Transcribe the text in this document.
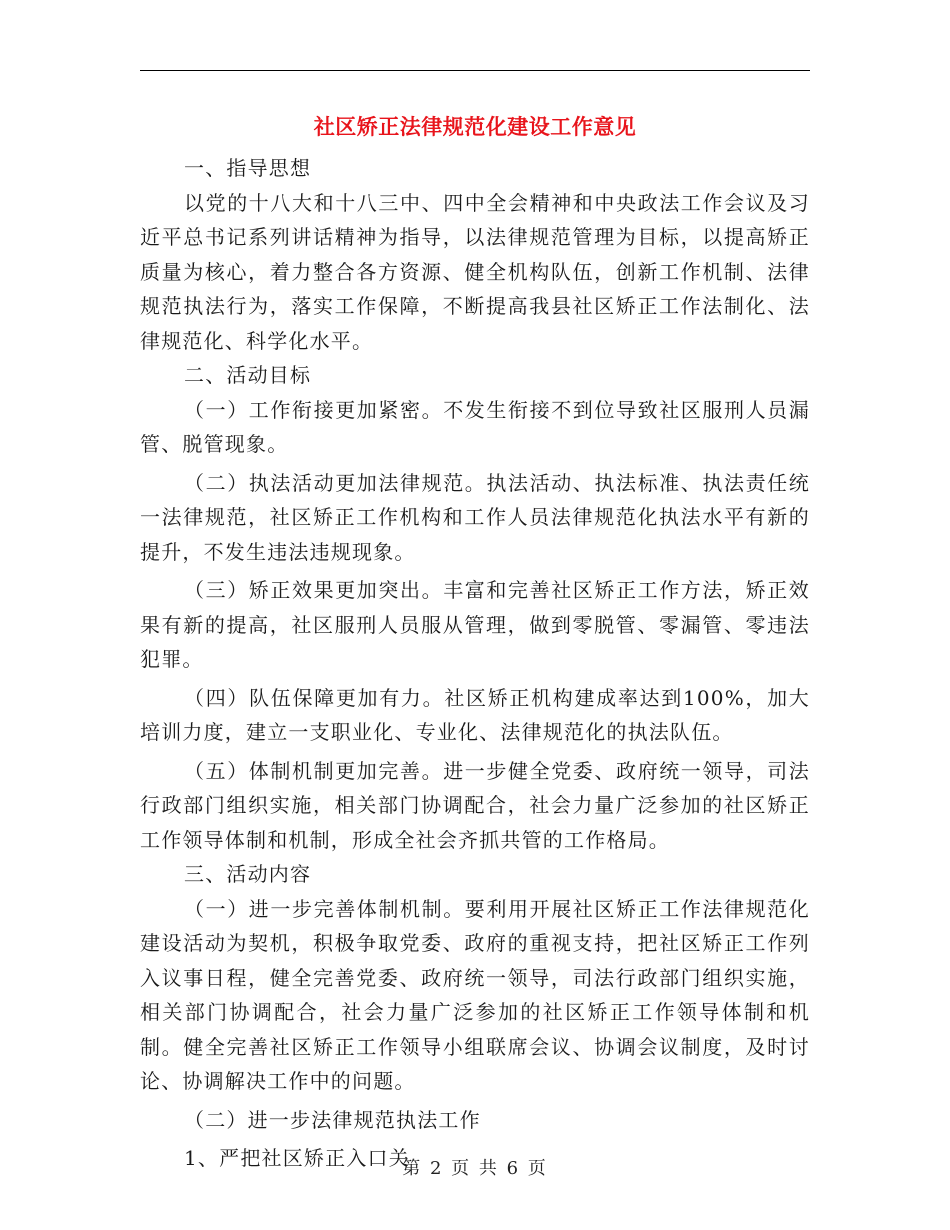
社区矫正法律规范化建设工作意见

一、指导思想

以党的十八大和十八三中、四中全会精神和中央政法工作会议及习近平总书记系列讲话精神为指导，以法律规范管理为目标，以提高矫正质量为核心，着力整合各方资源、健全机构队伍，创新工作机制、法律规范执法行为，落实工作保障，不断提高我县社区矫正工作法制化、法律规范化、科学化水平。

二、活动目标

（一）工作衔接更加紧密。不发生衔接不到位导致社区服刑人员漏管、脱管现象。

（二）执法活动更加法律规范。执法活动、执法标准、执法责任统一法律规范，社区矫正工作机构和工作人员法律规范化执法水平有新的提升，不发生违法违规现象。

（三）矫正效果更加突出。丰富和完善社区矫正工作方法，矫正效果有新的提高，社区服刑人员服从管理，做到零脱管、零漏管、零违法犯罪。

（四）队伍保障更加有力。社区矫正机构建成率达到100%，加大培训力度，建立一支职业化、专业化、法律规范化的执法队伍。

（五）体制机制更加完善。进一步健全党委、政府统一领导，司法行政部门组织实施，相关部门协调配合，社会力量广泛参加的社区矫正工作领导体制和机制，形成全社会齐抓共管的工作格局。

三、活动内容

（一）进一步完善体制机制。要利用开展社区矫正工作法律规范化建设活动为契机，积极争取党委、政府的重视支持，把社区矫正工作列入议事日程，健全完善党委、政府统一领导，司法行政部门组织实施，相关部门协调配合，社会力量广泛参加的社区矫正工作领导体制和机制。健全完善社区矫正工作领导小组联席会议、协调会议制度，及时讨论、协调解决工作中的问题。

（二）进一步法律规范执法工作

1、严把社区矫正入口关

第 2 页 共 6 页
